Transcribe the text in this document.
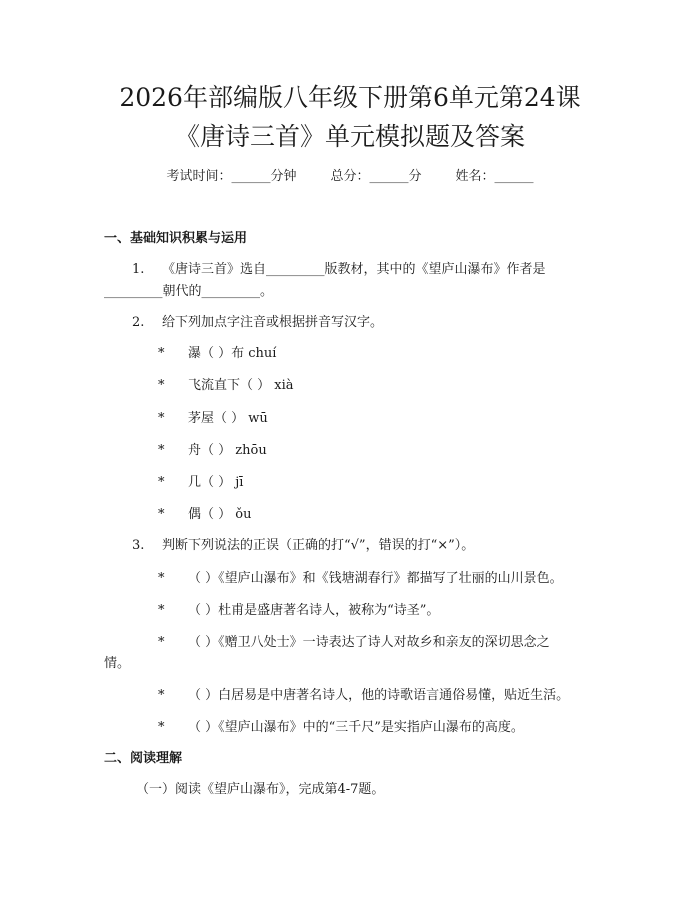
2026年部编版八年级下册第6单元第24课
《唐诗三首》单元模拟题及答案
考试时间：______分钟	总分：______分	姓名：______
一、基础知识积累与运用
1. 《唐诗三首》选自_________版教材，其中的《望庐山瀑布》作者是
_________朝代的_________。
2. 给下列加点字注音或根据拼音写汉字。
* 瀑（ ）布 chuí
* 飞流直下（ ） xià
* 茅屋（ ） wū
* 舟（ ） zhōu
* 几（ ） jī
* 偶（ ） ǒu
3. 判断下列说法的正误（正确的打“√”，错误的打“×”）。
* （ ）《望庐山瀑布》和《钱塘湖春行》都描写了壮丽的山川景色。
* （ ）杜甫是盛唐著名诗人，被称为“诗圣”。
* （ ）《赠卫八处士》一诗表达了诗人对故乡和亲友的深切思念之
情。
* （ ）白居易是中唐著名诗人，他的诗歌语言通俗易懂，贴近生活。
* （ ）《望庐山瀑布》中的“三千尺”是实指庐山瀑布的高度。
二、阅读理解
（一）阅读《望庐山瀑布》，完成第4-7题。
